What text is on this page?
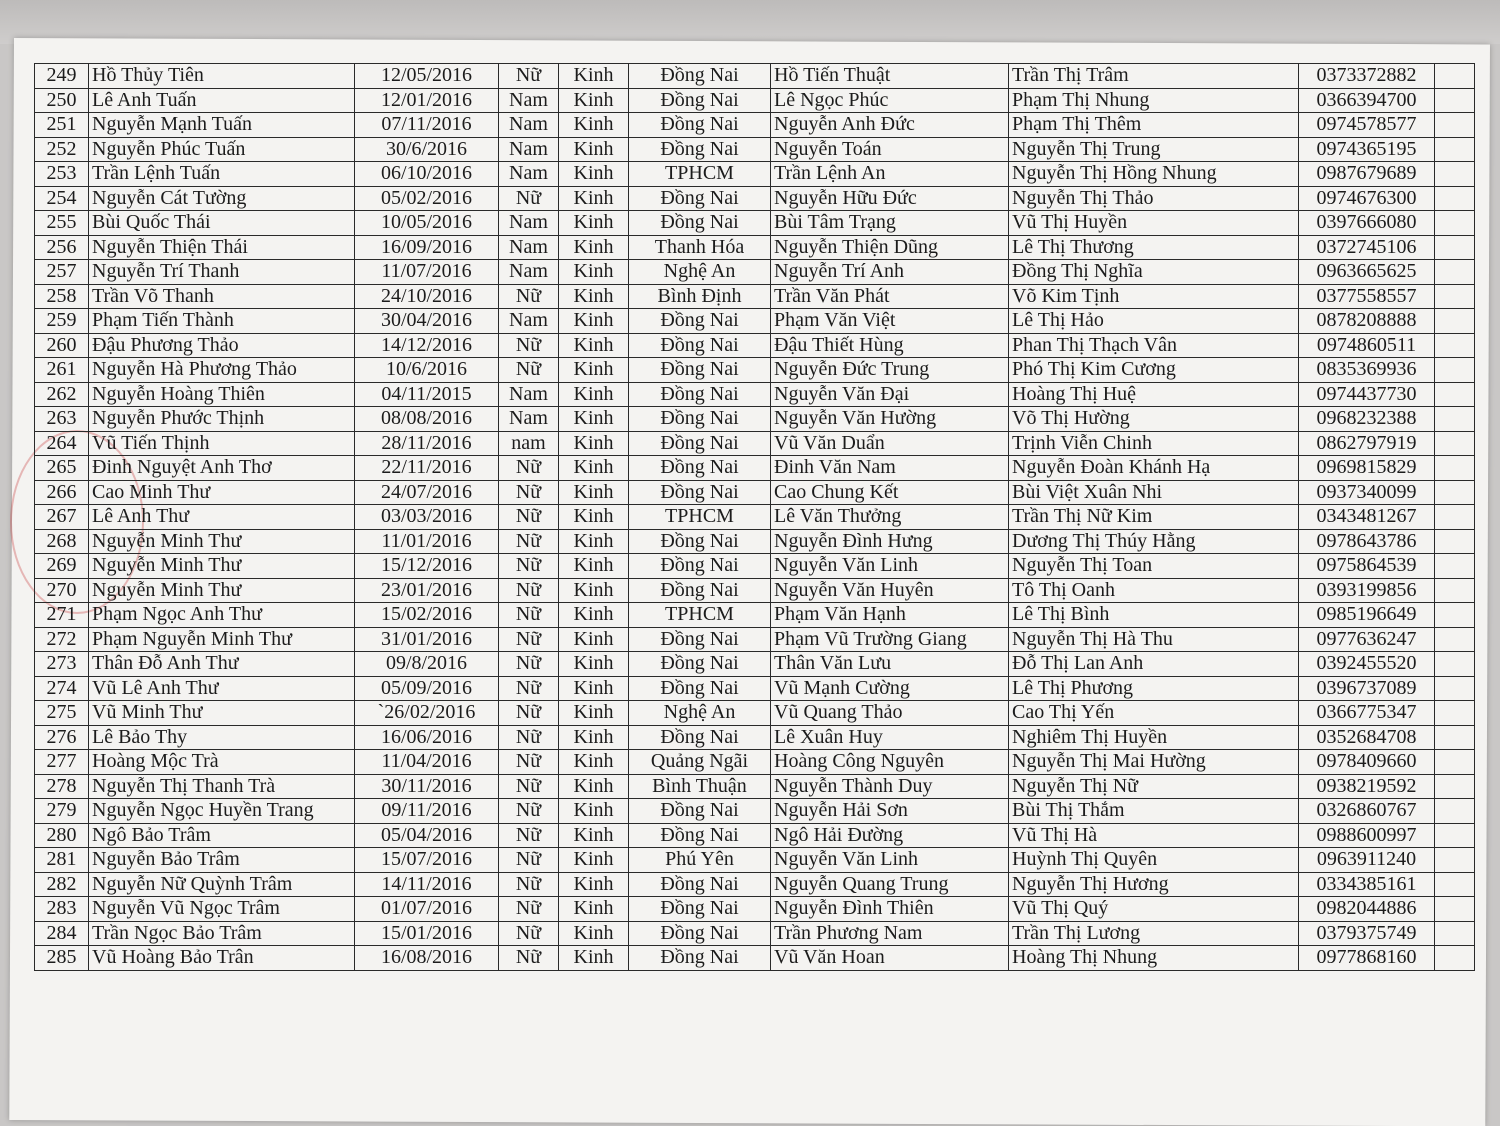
249	Hồ Thủy Tiên	12/05/2016	Nữ	Kinh	Đồng Nai	Hồ Tiến Thuật	Trần Thị Trâm	0373372882	
250	Lê Anh Tuấn	12/01/2016	Nam	Kinh	Đồng Nai	Lê Ngọc Phúc	Phạm Thị Nhung	0366394700	
251	Nguyễn Mạnh Tuấn	07/11/2016	Nam	Kinh	Đồng Nai	Nguyễn Anh Đức	Phạm Thị Thêm	0974578577	
252	Nguyễn Phúc Tuấn	30/6/2016	Nam	Kinh	Đồng Nai	Nguyễn Toán	Nguyễn Thị Trung	0974365195	
253	Trần Lệnh Tuấn	06/10/2016	Nam	Kinh	TPHCM	Trần Lệnh An	Nguyễn Thị Hồng Nhung	0987679689	
254	Nguyễn Cát Tường	05/02/2016	Nữ	Kinh	Đồng Nai	Nguyễn Hữu Đức	Nguyễn Thị Thảo	0974676300	
255	Bùi Quốc Thái	10/05/2016	Nam	Kinh	Đồng Nai	Bùi Tâm Trạng	Vũ Thị Huyền	0397666080	
256	Nguyễn Thiện Thái	16/09/2016	Nam	Kinh	Thanh Hóa	Nguyễn Thiện Dũng	Lê Thị Thương	0372745106	
257	Nguyễn Trí Thanh	11/07/2016	Nam	Kinh	Nghệ An	Nguyễn Trí Anh	Đồng Thị Nghĩa	0963665625	
258	Trần Võ Thanh	24/10/2016	Nữ	Kinh	Bình Định	Trần Văn Phát	Võ Kim Tịnh	0377558557	
259	Phạm Tiến Thành	30/04/2016	Nam	Kinh	Đồng Nai	Phạm Văn Việt	Lê Thị Hảo	0878208888	
260	Đậu Phương Thảo	14/12/2016	Nữ	Kinh	Đồng Nai	Đậu Thiết Hùng	Phan Thị Thạch Vân	0974860511	
261	Nguyễn Hà Phương Thảo	10/6/2016	Nữ	Kinh	Đồng Nai	Nguyễn Đức Trung	Phó Thị Kim Cương	0835369936	
262	Nguyễn Hoàng Thiên	04/11/2015	Nam	Kinh	Đồng Nai	Nguyễn Văn Đại	Hoàng Thị Huệ	0974437730	
263	Nguyễn Phước Thịnh	08/08/2016	Nam	Kinh	Đồng Nai	Nguyễn Văn Hường	Võ Thị Hường	0968232388	
264	Vũ Tiến Thịnh	28/11/2016	nam	Kinh	Đồng Nai	Vũ Văn Duẩn	Trịnh Viễn Chinh	0862797919	
265	Đinh Nguyệt Anh Thơ	22/11/2016	Nữ	Kinh	Đồng Nai	Đinh Văn Nam	Nguyễn Đoàn Khánh Hạ	0969815829	
266	Cao Minh Thư	24/07/2016	Nữ	Kinh	Đồng Nai	Cao Chung Kết	Bùi Việt Xuân Nhi	0937340099	
267	Lê Anh Thư	03/03/2016	Nữ	Kinh	TPHCM	Lê Văn Thưởng	Trần Thị Nữ Kim	0343481267	
268	Nguyễn Minh Thư	11/01/2016	Nữ	Kinh	Đồng Nai	Nguyễn Đình Hưng	Dương Thị Thúy Hằng	0978643786	
269	Nguyễn Minh Thư	15/12/2016	Nữ	Kinh	Đồng Nai	Nguyễn Văn Linh	Nguyễn Thị Toan	0975864539	
270	Nguyễn Minh Thư	23/01/2016	Nữ	Kinh	Đồng Nai	Nguyễn Văn Huyên	Tô Thị Oanh	0393199856	
271	Phạm Ngọc Anh Thư	15/02/2016	Nữ	Kinh	TPHCM	Phạm Văn Hạnh	Lê Thị Bình	0985196649	
272	Phạm Nguyễn Minh Thư	31/01/2016	Nữ	Kinh	Đồng Nai	Phạm Vũ Trường Giang	Nguyễn Thị Hà Thu	0977636247	
273	Thân Đỗ Anh Thư	09/8/2016	Nữ	Kinh	Đồng Nai	Thân Văn Lưu	Đỗ Thị Lan Anh	0392455520	
274	Vũ Lê Anh Thư	05/09/2016	Nữ	Kinh	Đồng Nai	Vũ Mạnh Cường	Lê Thị Phương	0396737089	
275	Vũ Minh Thư	`26/02/2016	Nữ	Kinh	Nghệ An	Vũ Quang Thảo	Cao Thị Yến	0366775347	
276	Lê Bảo Thy	16/06/2016	Nữ	Kinh	Đồng Nai	Lê Xuân Huy	Nghiêm Thị Huyền	0352684708	
277	Hoàng Mộc Trà	11/04/2016	Nữ	Kinh	Quảng Ngãi	Hoàng Công Nguyên	Nguyễn Thị Mai Hường	0978409660	
278	Nguyễn Thị Thanh Trà	30/11/2016	Nữ	Kinh	Bình Thuận	Nguyễn Thành Duy	Nguyễn Thị Nữ	0938219592	
279	Nguyễn Ngọc Huyền Trang	09/11/2016	Nữ	Kinh	Đồng Nai	Nguyễn Hải Sơn	Bùi Thị Thắm	0326860767	
280	Ngô Bảo Trâm	05/04/2016	Nữ	Kinh	Đồng Nai	Ngô Hải Đường	Vũ Thị Hà	0988600997	
281	Nguyễn Bảo Trâm	15/07/2016	Nữ	Kinh	Phú Yên	Nguyễn Văn Linh	Huỳnh Thị Quyên	0963911240	
282	Nguyễn Nữ Quỳnh Trâm	14/11/2016	Nữ	Kinh	Đồng Nai	Nguyễn Quang Trung	Nguyễn Thị Hương	0334385161	
283	Nguyễn Vũ Ngọc Trâm	01/07/2016	Nữ	Kinh	Đồng Nai	Nguyễn Đình Thiên	Vũ Thị Quý	0982044886	
284	Trần Ngọc Bảo Trâm	15/01/2016	Nữ	Kinh	Đồng Nai	Trần Phương Nam	Trần Thị Lương	0379375749	
285	Vũ Hoàng Bảo Trân	16/08/2016	Nữ	Kinh	Đồng Nai	Vũ Văn Hoan	Hoàng Thị Nhung	0977868160	
